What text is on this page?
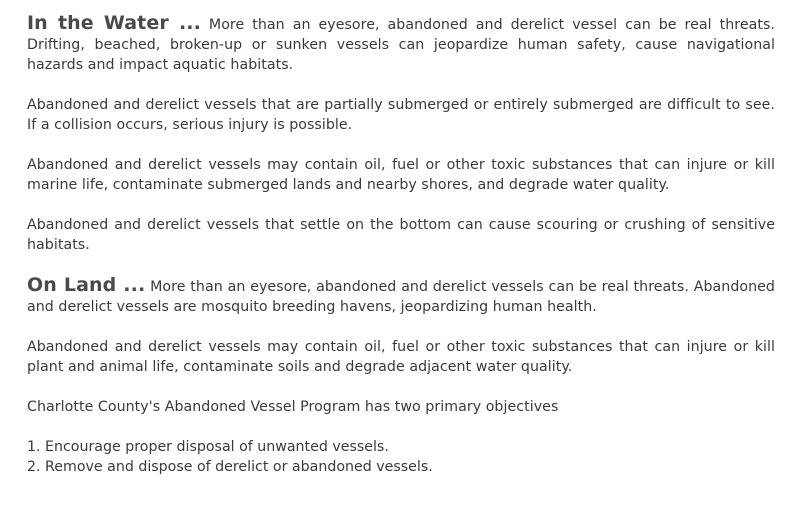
In the Water ... More than an eyesore, abandoned and derelict vessel can be real threats. Drifting, beached, broken-up or sunken vessels can jeopardize human safety, cause navigational hazards and impact aquatic habitats.

Abandoned and derelict vessels that are partially submerged or entirely submerged are difficult to see. If a collision occurs, serious injury is possible.

Abandoned and derelict vessels may contain oil, fuel or other toxic substances that can injure or kill marine life, contaminate submerged lands and nearby shores, and degrade water quality.

Abandoned and derelict vessels that settle on the bottom can cause scouring or crushing of sensitive habitats.

On Land ... More than an eyesore, abandoned and derelict vessels can be real threats. Abandoned and derelict vessels are mosquito breeding havens, jeopardizing human health.

Abandoned and derelict vessels may contain oil, fuel or other toxic substances that can injure or kill plant and animal life, contaminate soils and degrade adjacent water quality.

Charlotte County's Abandoned Vessel Program has two primary objectives

1. Encourage proper disposal of unwanted vessels.
2. Remove and dispose of derelict or abandoned vessels.
